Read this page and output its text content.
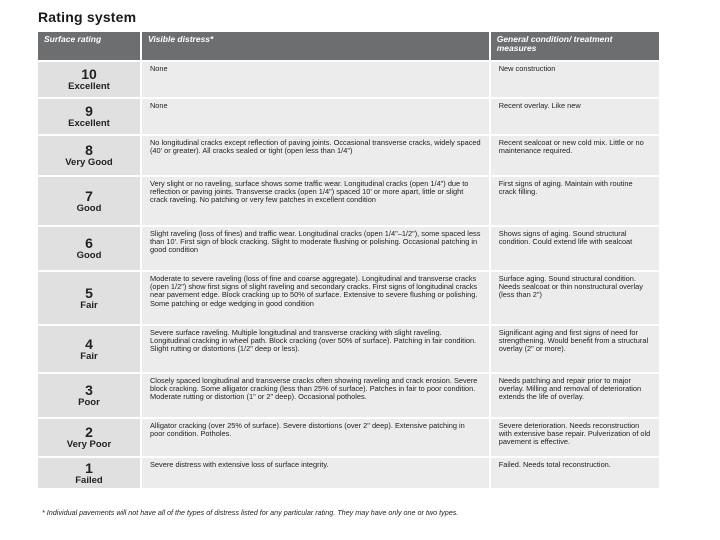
Rating system
Surface rating	Visible distress*	General condition/ treatment measures

10
Excellent	None	New construction

9
Excellent	None	Recent overlay. Like new

8
Very Good	No longitudinal cracks except reflection of paving joints. Occasional transverse cracks, widely spaced (40' or greater). All cracks sealed or tight (open less than 1/4")	Recent sealcoat or new cold mix. Little or no maintenance required.

7
Good	Very slight or no raveling, surface shows some traffic wear. Longitudinal cracks (open 1/4") due to reflection or paving joints. Transverse cracks (open 1/4") spaced 10' or more apart, little or slight crack raveling. No patching or very few patches in excellent condition	First signs of aging. Maintain with routine crack filling.

6
Good	Slight raveling (loss of fines) and traffic wear. Longitudinal cracks (open 1/4"–1/2"), some spaced less than 10'. First sign of block cracking. Slight to moderate flushing or polishing. Occasional patching in good condition	Shows signs of aging. Sound structural condition. Could extend life with sealcoat

5
Fair	Moderate to severe raveling (loss of fine and coarse aggregate). Longitudinal and transverse cracks (open 1/2") show first signs of slight raveling and secondary cracks. First signs of longitudinal cracks near pavement edge. Block cracking up to 50% of surface. Extensive to severe flushing or polishing. Some patching or edge wedging in good condition	Surface aging. Sound structural condition. Needs sealcoat or thin nonstructural overlay (less than 2")

4
Fair	Severe surface raveling. Multiple longitudinal and transverse cracking with slight raveling. Longitudinal cracking in wheel path. Block cracking (over 50% of surface). Patching in fair condition. Slight rutting or distortions (1/2" deep or less).	Significant aging and first signs of need for strengthening. Would benefit from a structural overlay (2" or more).

3
Poor	Closely spaced longitudinal and transverse cracks often showing raveling and crack erosion. Severe block cracking. Some alligator cracking (less than 25% of surface). Patches in fair to poor condition. Moderate rutting or distortion (1" or 2" deep). Occasional potholes.	Needs patching and repair prior to major overlay. Milling and removal of deterioration extends the life of overlay.

2
Very Poor	Alligator cracking (over 25% of surface). Severe distortions (over 2" deep). Extensive patching in poor condition. Potholes.	Severe deterioration. Needs reconstruction with extensive base repair. Pulverization of old pavement is effective.

1
Failed	Severe distress with extensive loss of surface integrity.	Failed. Needs total reconstruction.
* Individual pavements will not have all of the types of distress listed for any particular rating. They may have only one or two types.
